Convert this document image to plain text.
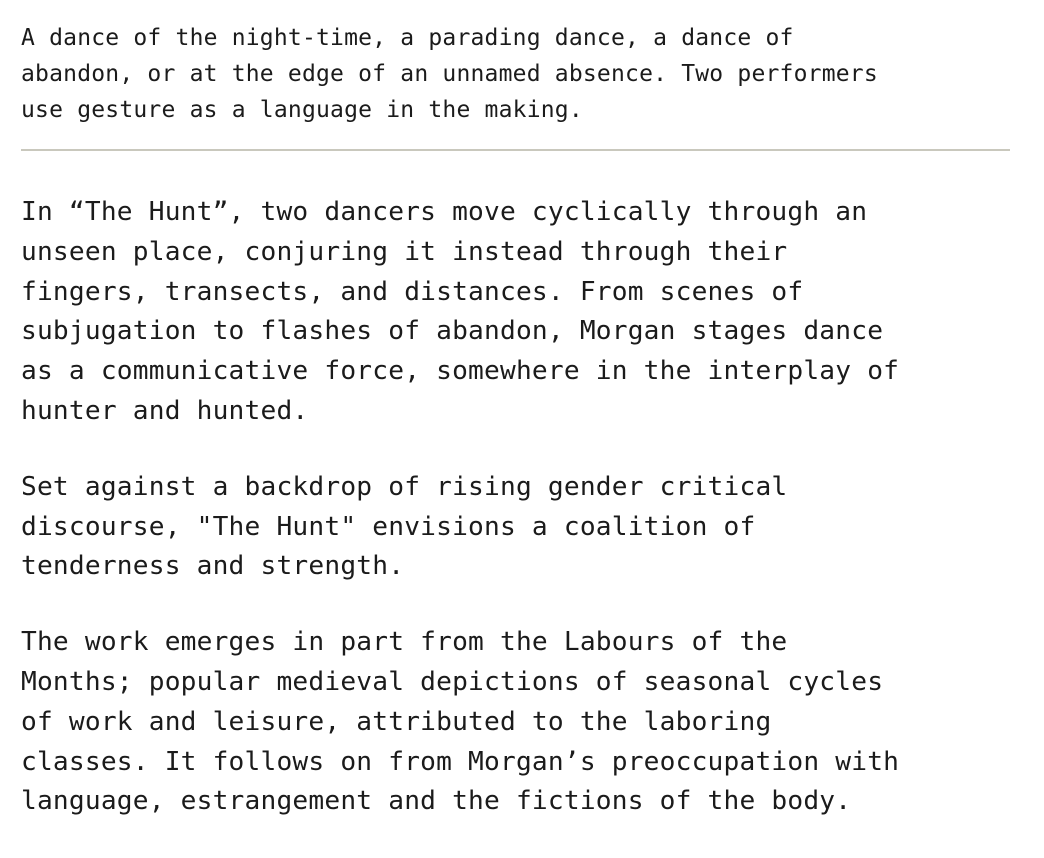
A dance of the night-time, a parading dance, a dance of
abandon, or at the edge of an unnamed absence. Two performers
use gesture as a language in the making.

In “The Hunt”, two dancers move cyclically through an
unseen place, conjuring it instead through their
fingers, transects, and distances. From scenes of
subjugation to flashes of abandon, Morgan stages dance
as a communicative force, somewhere in the interplay of
hunter and hunted.

Set against a backdrop of rising gender critical
discourse, "The Hunt" envisions a coalition of
tenderness and strength.

The work emerges in part from the Labours of the
Months; popular medieval depictions of seasonal cycles
of work and leisure, attributed to the laboring
classes. It follows on from Morgan’s preoccupation with
language, estrangement and the fictions of the body.
